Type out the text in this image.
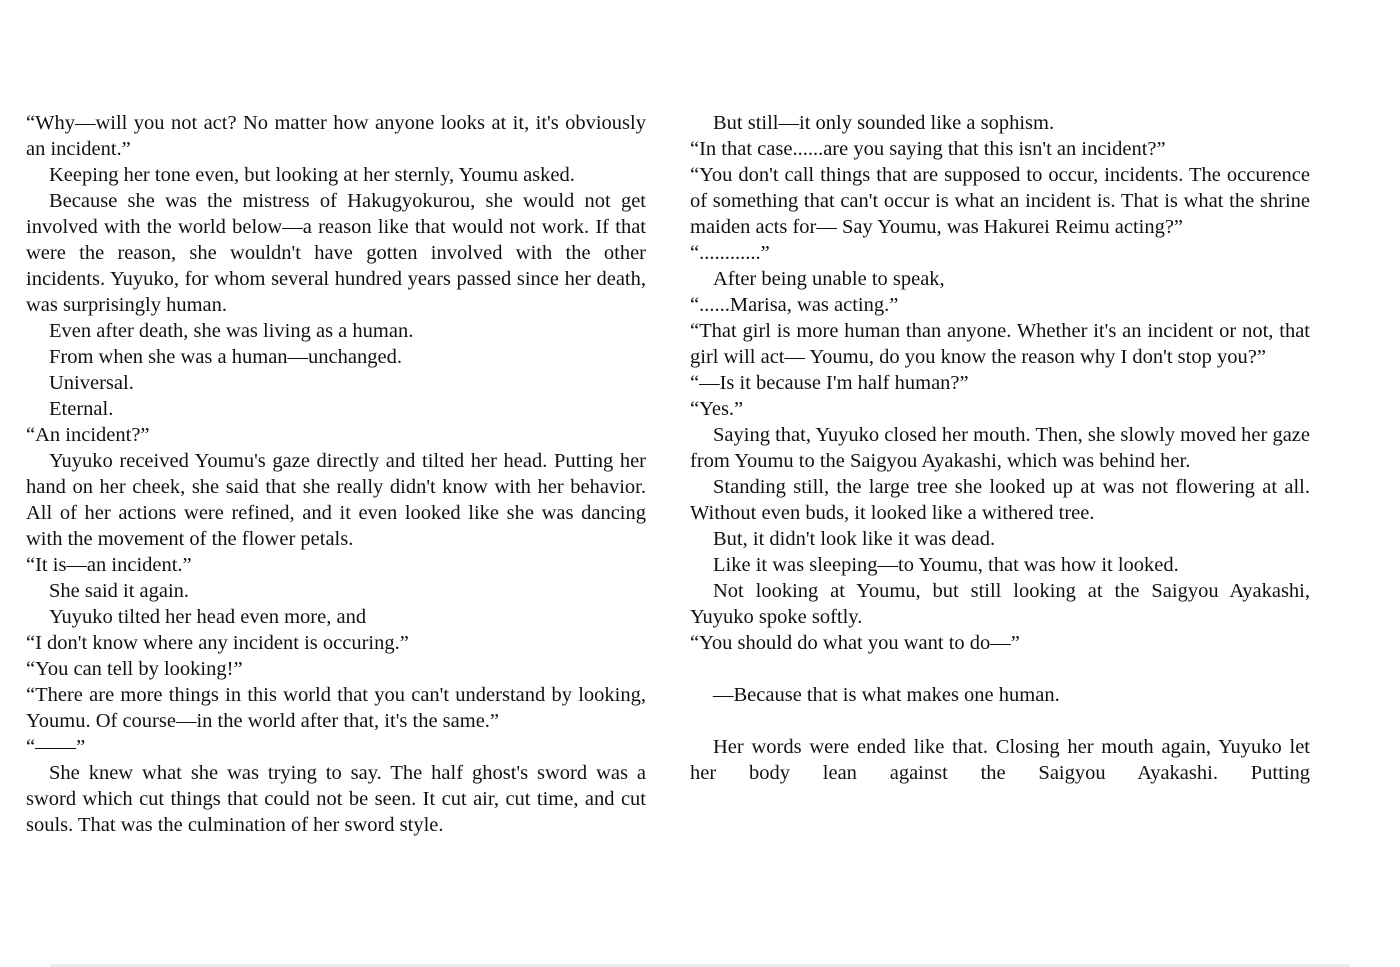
“Why—will you not act? No matter how anyone looks at it, it's obviously an incident.”

Keeping her tone even, but looking at her sternly, Youmu asked.

Because she was the mistress of Hakugyokurou, she would not get involved with the world below—a reason like that would not work. If that were the reason, she wouldn't have gotten involved with the other incidents. Yuyuko, for whom several hundred years passed since her death, was surprisingly human.

Even after death, she was living as a human.

From when she was a human—unchanged.

Universal.

Eternal.

“An incident?”

Yuyuko received Youmu's gaze directly and tilted her head. Putting her hand on her cheek, she said that she really didn't know with her behavior. All of her actions were refined, and it even looked like she was dancing with the movement of the flower petals.

“It is—an incident.”

She said it again.

Yuyuko tilted her head even more, and

“I don't know where any incident is occuring.”

“You can tell by looking!”

“There are more things in this world that you can't understand by looking, Youmu. Of course—in the world after that, it's the same.”

“——”

She knew what she was trying to say. The half ghost's sword was a sword which cut things that could not be seen. It cut air, cut time, and cut souls. That was the culmination of her sword style.

But still—it only sounded like a sophism.

“In that case......are you saying that this isn't an incident?”

“You don't call things that are supposed to occur, incidents. The occurence of something that can't occur is what an incident is. That is what the shrine maiden acts for— Say Youmu, was Hakurei Reimu acting?”

“............”

After being unable to speak,

“......Marisa, was acting.”

“That girl is more human than anyone. Whether it's an incident or not, that girl will act— Youmu, do you know the reason why I don't stop you?”

“—Is it because I'm half human?”

“Yes.”

Saying that, Yuyuko closed her mouth. Then, she slowly moved her gaze from Youmu to the Saigyou Ayakashi, which was behind her.

Standing still, the large tree she looked up at was not flowering at all. Without even buds, it looked like a withered tree.

But, it didn't look like it was dead.

Like it was sleeping—to Youmu, that was how it looked.

Not looking at Youmu, but still looking at the Saigyou Ayakashi, Yuyuko spoke softly.

“You should do what you want to do—”

—Because that is what makes one human.

Her words were ended like that. Closing her mouth again, Yuyuko let her body lean against the Saigyou Ayakashi. Putting
